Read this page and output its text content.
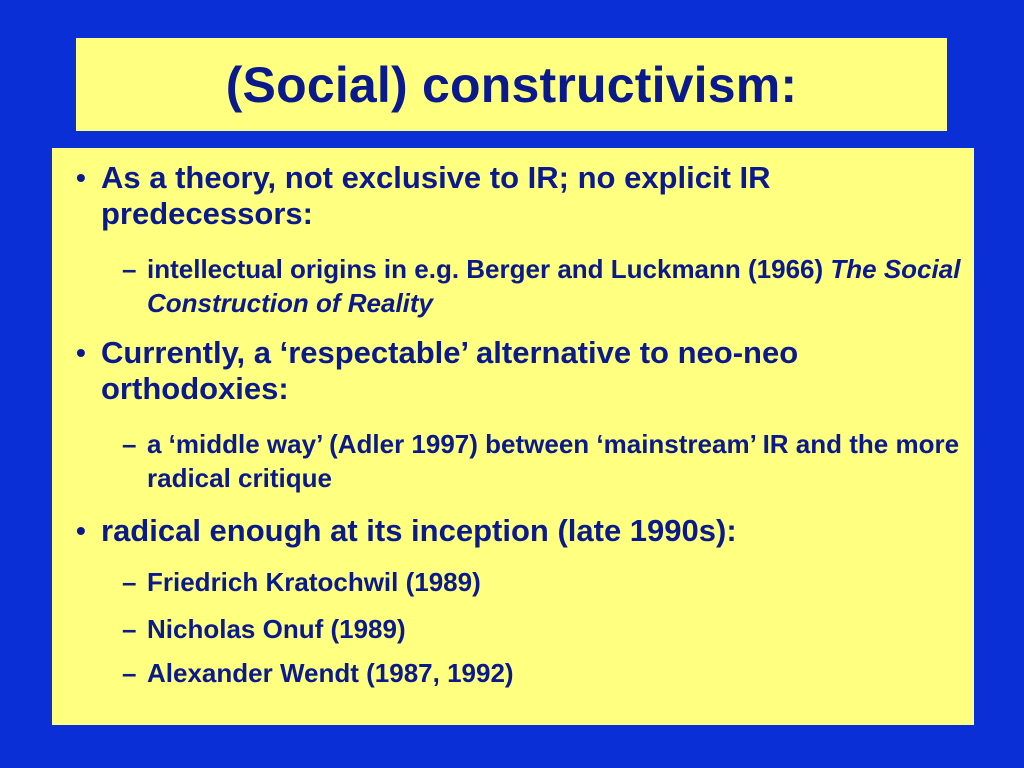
(Social) constructivism:
• As a theory, not exclusive to IR; no explicit IR predecessors:
– intellectual origins in e.g. Berger and Luckmann (1966) The Social Construction of Reality
• Currently, a ‘respectable’ alternative to neo-neo orthodoxies:
– a ‘middle way’ (Adler 1997) between ‘mainstream’ IR and the more radical critique
• radical enough at its inception (late 1990s):
– Friedrich Kratochwil (1989)
– Nicholas Onuf (1989)
– Alexander Wendt (1987, 1992)
